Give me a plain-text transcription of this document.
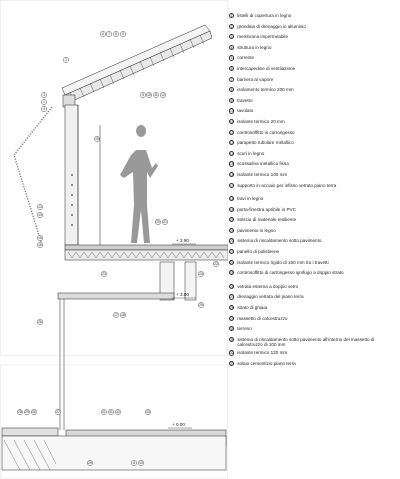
+ 3.90
+ 3.00
+ 0.00
6 7 8 9
5 10 11 12
2
3
1
4
14
13
15
16
19
20 21
22
23	24
25
17 18
26
28 29 30	27	21 31 32	33
8 10
29
1	listelli di copertura in legno
2	grondaia di drenaggio in alluminio
3	membrana impermeabile
4	struttura in legno
5	corrente
6	intercapedine di ventilazione
7	barriera al vapore
8	isolamento termico 200 mm
9	travetto
10 tavolato
11 isolante termico 20 mm
12 controsoffitto in cartongesso
13 parapetto tubolare metallico
14 scuri in legno
15 scossalina metallica fissa
16 isolante termico 100 mm
17 supporto in acciaio per infisso vetrato piano terra
18 travi in legno
19 porta-finestra apribile in PVC
20 striscia di materiale resiliente
21 pavimento in legno
22 sistema di riscaldamento sotto pavimento
23 panello di polistirene
24 isolante termico rigido di 150 mm tra i travetti
25 controsoffitto di cartongesso ignifugo a doppio strato
26 vetrata esterna a doppio vetro
27 drenaggio vetrata del piano terra
28 strato di ghiaia
29 massetto di calcestruzzo
30 terreno
31 sistema di riscaldamento sotto pavimento all'interno del massetto di calcestruzzo di 100 mm
32 isolante termico 120 mm
33 solaio cementizio piano terra
